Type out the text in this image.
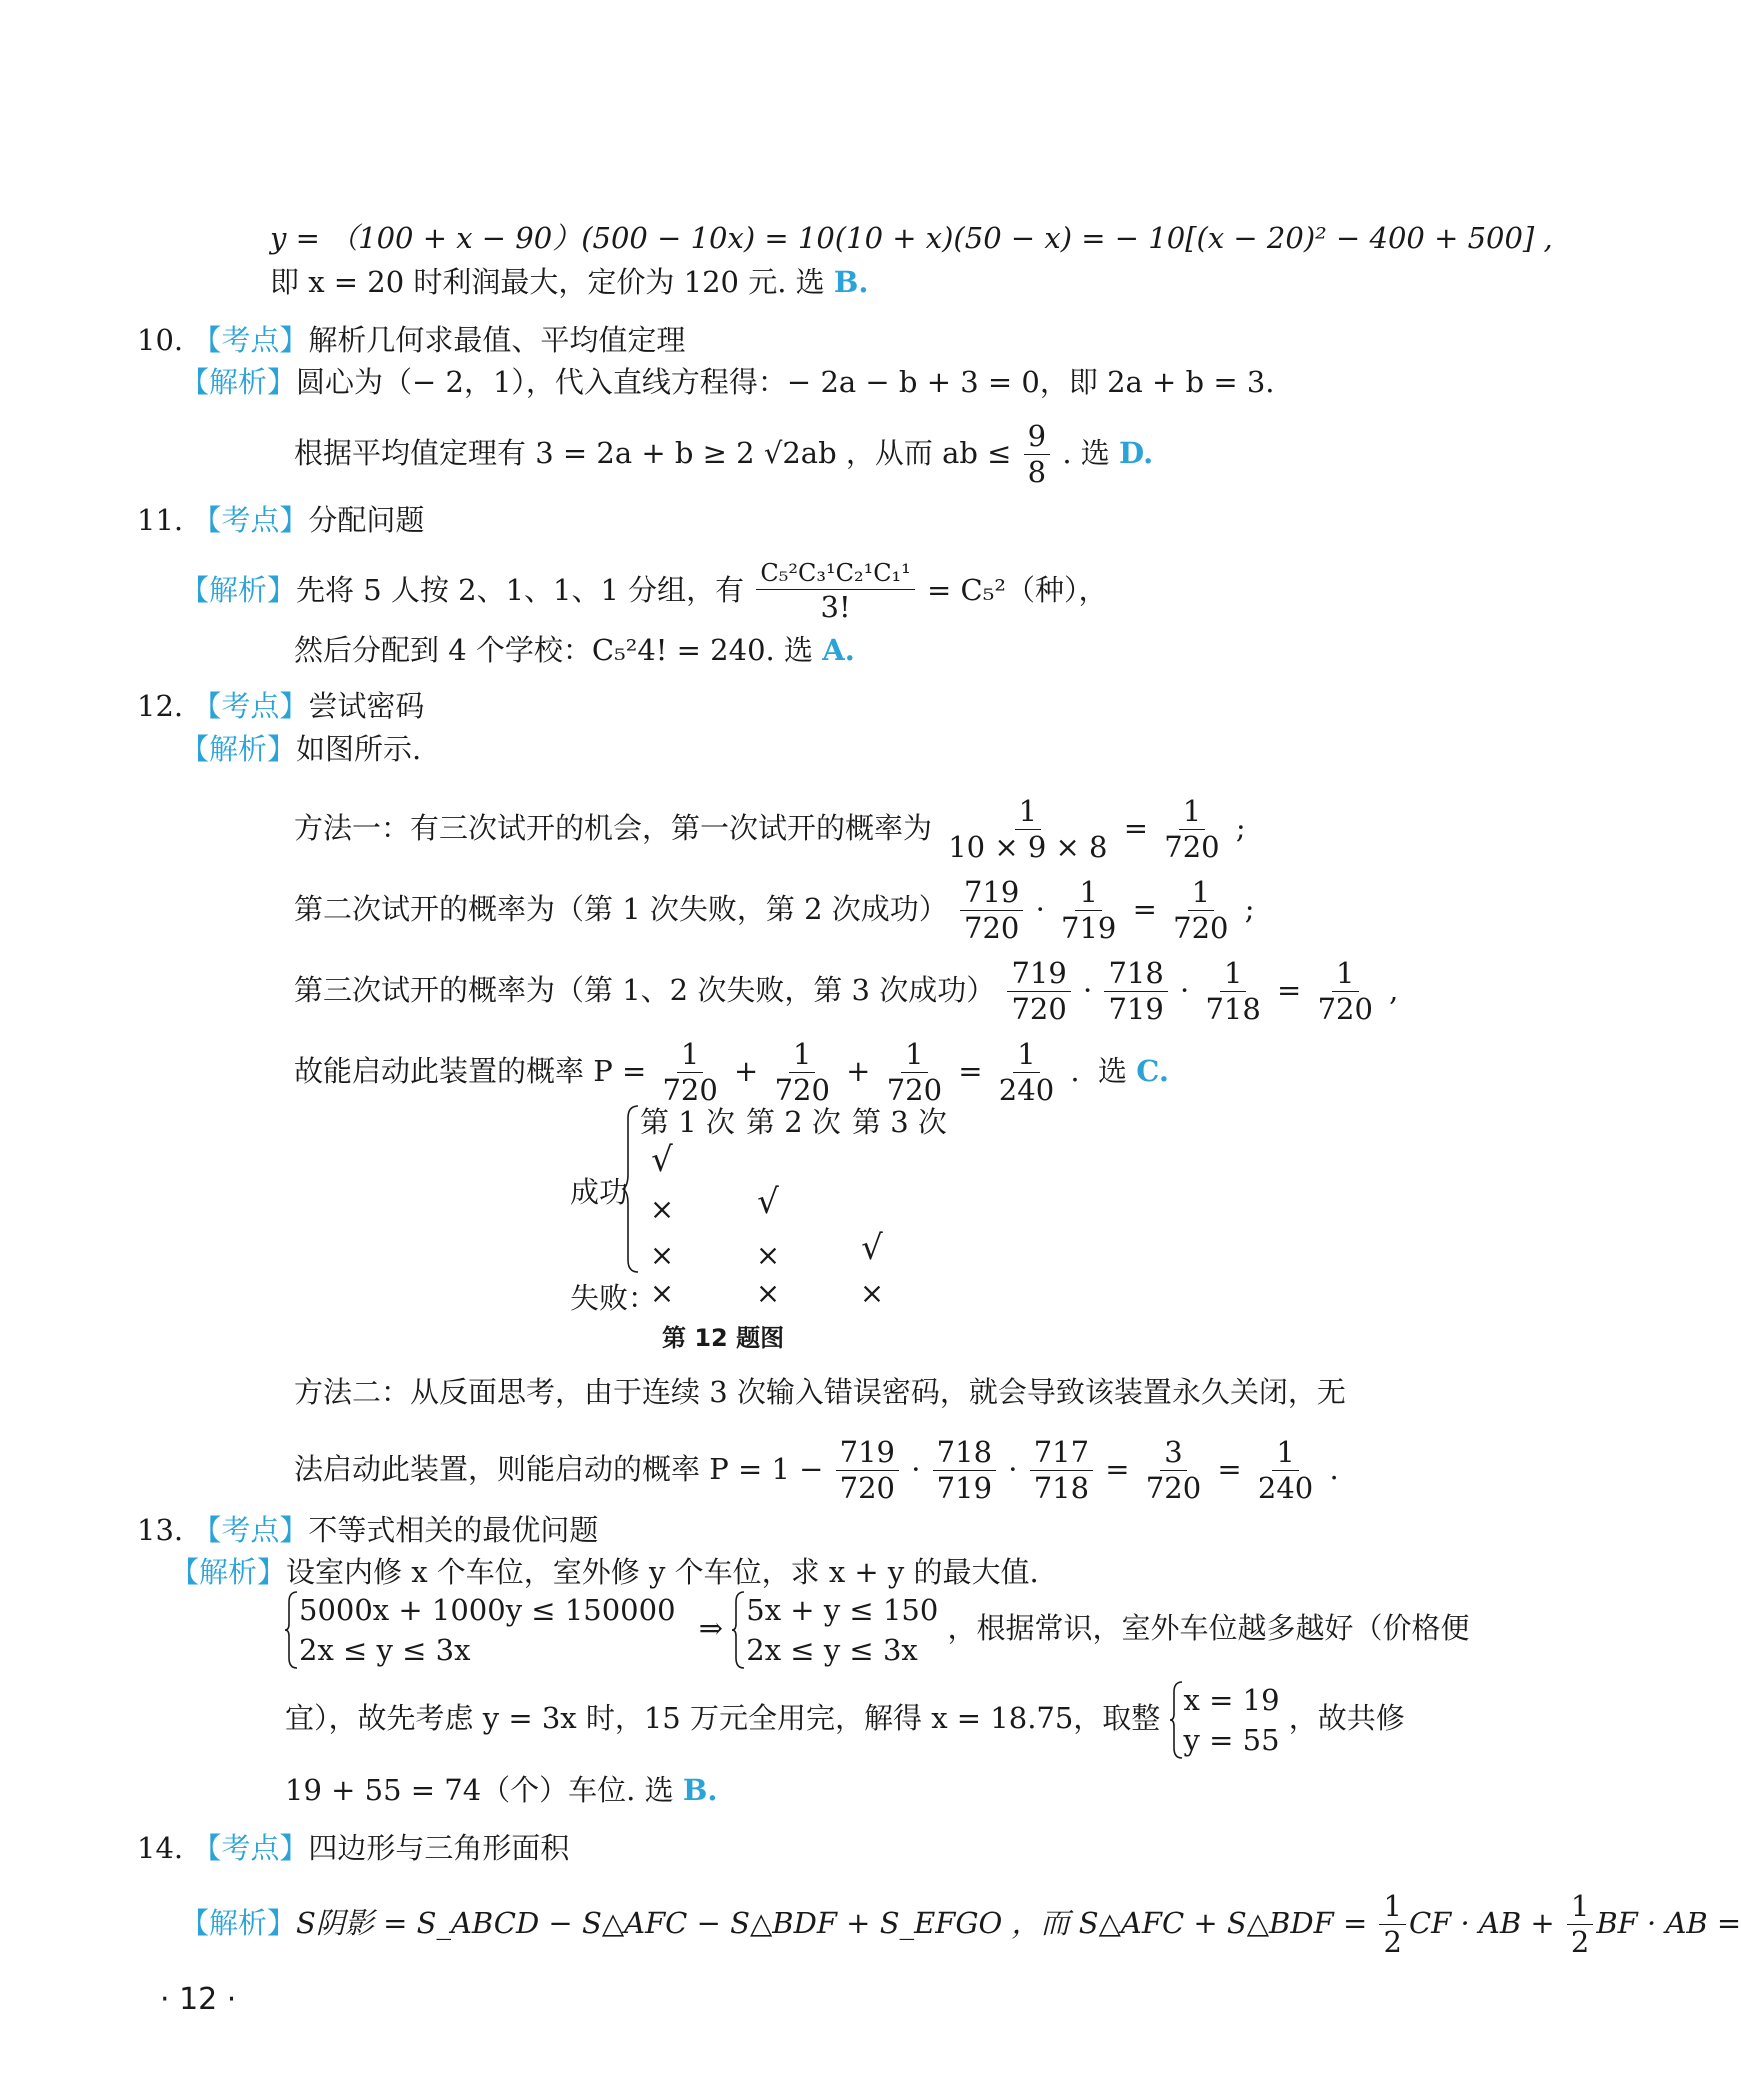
y = （100 + x − 90）(500 − 10x) = 10(10 + x)(50 − x) = − 10[(x − 20)² − 400 + 500] ,
即 x = 20 时利润最大，定价为 120 元. 选 B.
10. 【考点】解析几何求最值、平均值定理
【解析】圆心为（− 2，1），代入直线方程得：− 2a − b + 3 = 0，即 2a + b = 3.
根据平均值定理有 3 = 2a + b ≥ 2 √2ab ，从而 ab ≤ $\frac{9}{8}$ . 选 D.
11. 【考点】分配问题
【解析】先将 5 人按 2、1、1、1 分组，有 $\frac{\text{C₅²C₃¹C₂¹C₁¹}}{3!} = C_5^2$（种），
然后分配到 4 个学校：C₅²4! = 240. 选 A.
12. 【考点】尝试密码
【解析】如图所示.
方法一：有三次试开的机会，第一次试开的概率为 $\frac{1}{10 \times 9 \times 8} = \frac{1}{720}$ ;
第二次试开的概率为（第 1 次失败，第 2 次成功） $\frac{719}{720} \cdot \frac{1}{719} = \frac{1}{720}$ ;
第三次试开的概率为（第 1、2 次失败，第 3 次成功） $\frac{719}{720} \cdot \frac{718}{719} \cdot \frac{1}{718} = \frac{1}{720}$ ,
故能启动此装置的概率 $P = \frac{1}{720} + \frac{1}{720} + \frac{1}{720} = \frac{1}{240}$ .  选 C.
第 1 次 第 2 次 第 3 次
成功
√
× √
×	× √
失败：
×	×	×
第 12 题图
方法二：从反面思考，由于连续 3 次输入错误密码，就会导致该装置永久关闭，无
法启动此装置，则能启动的概率 $P = 1 - \frac{719}{720} \cdot \frac{718}{719} \cdot \frac{717}{718} = \frac{3}{720} = \frac{1}{240}$ .
13. 【考点】不等式相关的最优问题
【解析】设室内修 x 个车位，室外修 y 个车位，求 x + y 的最大值.
5000x + 1000y ≤ 150000
2x ≤ y ≤ 3x
⇒
5x + y ≤ 150
2x ≤ y ≤ 3x
，根据常识，室外车位越多越好（价格便
宜），故先考虑 y = 3x 时，15 万元全用完，解得 x = 18.75，取整
x = 19
y = 55
，故共修
19 + 55 = 74（个）车位. 选 B.
14. 【考点】四边形与三角形面积
【解析】S阴影 = S_ABCD − S△AFC − S△BDF + S_EFGO ，而 S△AFC + S△BDF = $\frac{1}{2}$ CF · AB + $\frac{1}{2}$ BF · AB =
· 12 ·
